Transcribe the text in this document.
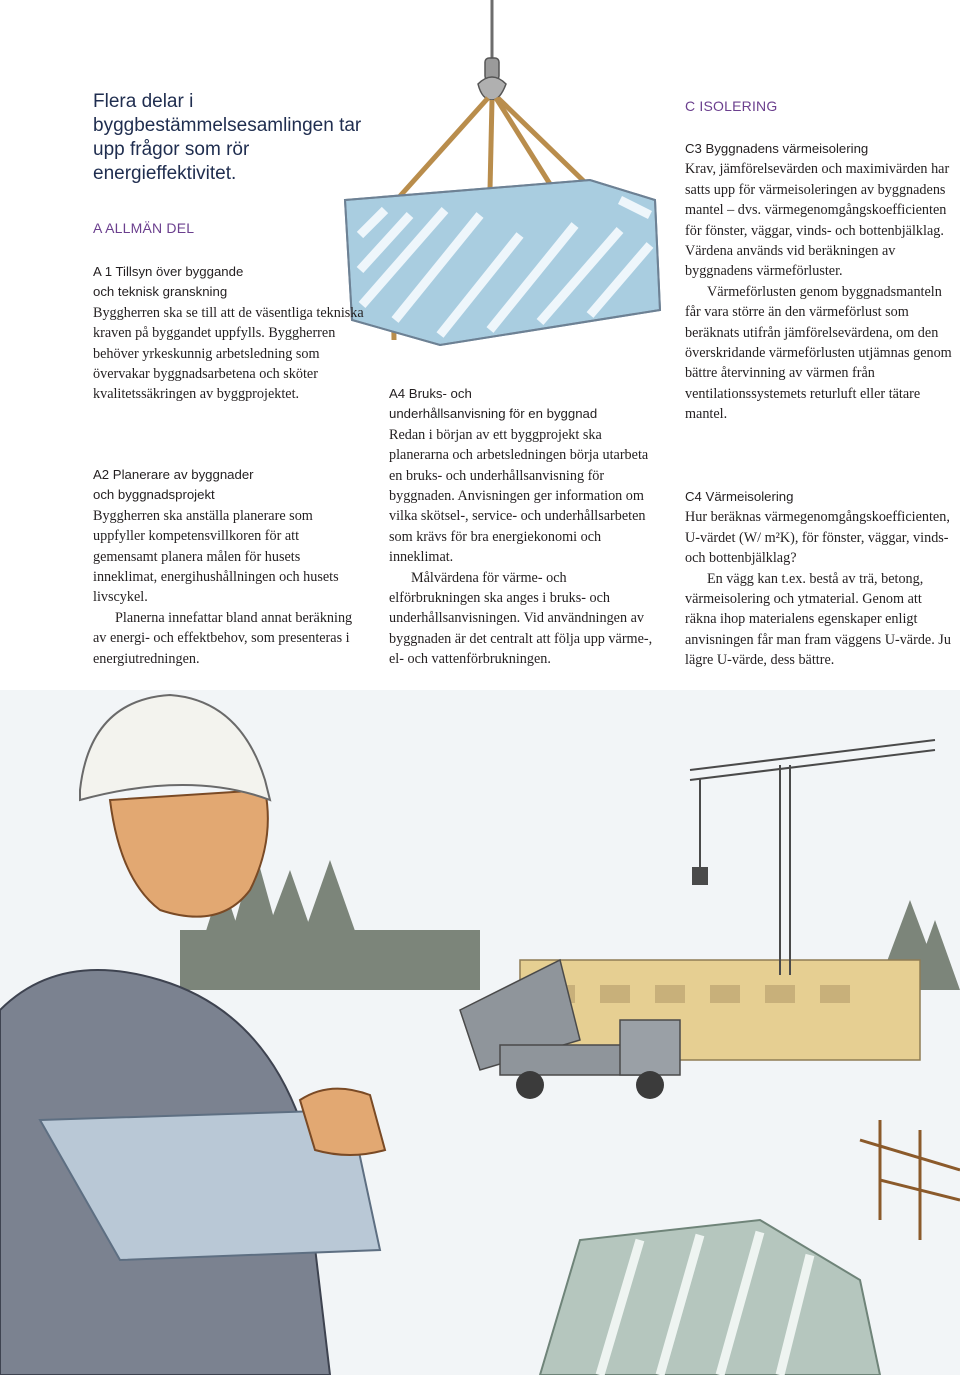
Flera delar i byggbestämmelsesamlingen tar upp frågor som rör energieffektivitet.
A ALLMÄN DEL
A 1 Tillsyn över byggande
och teknisk granskning

Byggherren ska se till att de väsentliga tekniska kraven på byggandet uppfylls. Byggherren behöver yrkeskunnig arbetsledning som övervakar byggnadsarbetena och sköter kvalitetssäkringen av byggprojektet.

A2 Planerare av byggnader
och byggnadsprojekt

Byggherren ska anställa planerare som uppfyller kompetensvillkoren för att gemensamt planera målen för husets inneklimat, energihushållningen och husets livscykel.

Planerna innefattar bland annat beräkning av energi- och effektbehov, som presenteras i energiutredningen.

A4 Bruks- och
underhållsanvisning för en byggnad

Redan i början av ett byggprojekt ska planerarna och arbetsledningen börja utarbeta en bruks- och underhållsanvisning för byggnaden. Anvisningen ger information om vilka skötsel-, service- och underhållsarbeten som krävs för bra energiekonomi och inneklimat.

Målvärdena för värme- och elförbrukningen ska anges i bruks- och underhållsanvisningen. Vid användningen av byggnaden är det centralt att följa upp värme-, el- och vattenförbrukningen.

C ISOLERING
C3 Byggnadens värmeisolering

Krav, jämförelsevärden och maximivärden har satts upp för värmeisoleringen av byggnadens mantel – dvs. värmegenomgångskoefficienten för fönster, väggar, vinds- och bottenbjälklag. Värdena används vid beräkningen av byggnadens värmeförluster.

Värmeförlusten genom byggnadsmanteln får vara större än den värmeförlust som beräknats utifrån jämförelsevärdena, om den överskridande värmeförlusten utjämnas genom bättre återvinning av värmen från ventilationssystemets returluft eller tätare mantel.

C4 Värmeisolering

Hur beräknas värmegenomgångskoefficienten, U-värdet (W/ m²K), för fönster, väggar, vinds- och bottenbjälklag?

En vägg kan t.ex. bestå av trä, betong, värmeisolering och ytmaterial. Genom att räkna ihop materialens egenskaper enligt anvisningen får man fram väggens U-värde. Ju lägre U-värde, dess bättre.
